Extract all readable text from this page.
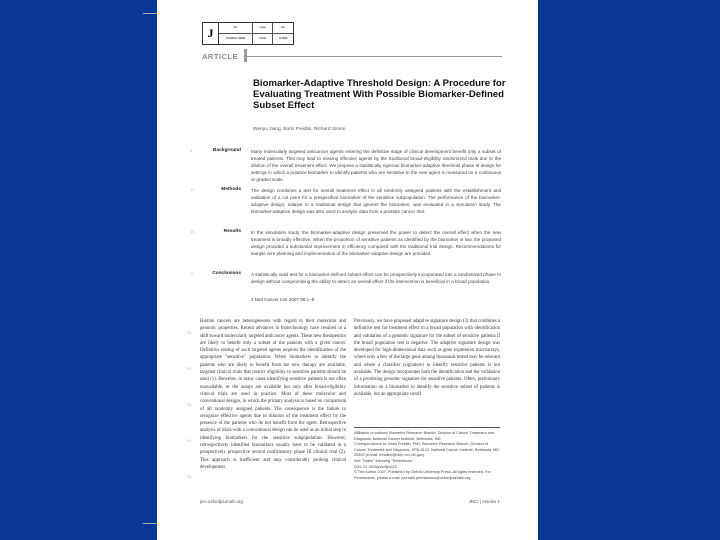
J	Vol.	Issue	No.
JOURNAL NAME	Article	CHARS
ARTICLE
Biomarker-Adaptive Threshold Design: A Procedure for Evaluating Treatment With Possible Biomarker-Defined Subset Effect
Wenyu Jiang, Boris Freidlin, Richard Simon
5	Background Many molecularly targeted anticancer agents entering the definitive stage of clinical development benefit only a subset of treated patients. This may lead to missing effective agents by the traditional broad-eligibility randomized trials due to the dilution of the overall treatment effect. We propose a statistically rigorous biomarker-adaptive threshold phase III design for settings in which a putative biomarker to identify patients who are sensitive to the new agent is measured on a continuous or graded scale.
10	Methods The design combines a test for overall treatment effect in all randomly assigned patients with the establishment and validation of a cut point for a prespecified biomarker of the sensitive subpopulation. The performance of the biomarker-adaptive design, relative to a traditional design that ignores the biomarker, was evaluated in a simulation study. The biomarker-adaptive design was also used to analyze data from a prostate cancer trial.
15	Results In the simulation study, the biomarker-adaptive design preserved the power to detect the overall effect when the new treatment is broadly effective. When the proportion of sensitive patients as identified by the biomarker is low, the proposed design provided a substantial improvement in efficiency compared with the traditional trial design. Recommendations for sample size planning and implementation of the biomarker-adaptive design are provided.
20	Conclusions A statistically valid test for a biomarker-defined subset effect can be prospectively incorporated into a randomized phase III design without compromising the ability to detect an overall effect if the intervention is beneficial in a broad population.
J Natl Cancer Inst 2007;99:1–8
25
30
35
40
45
Human cancers are heterogeneous with regard to their molecular and genomic properties. Recent advances in biotechnology have resulted in a shift toward molecularly targeted anticancer agents. These new therapeutics are likely to benefit only a subset of the patients with a given cancer. Definitive testing of such targeted agents requires the identification of the appropriate "sensitive" population. When biomarkers to identify the patients who are likely to benefit from the new therapy are available, targeted clinical trials that restrict eligibility to sensitive patients should be used (1). However, in many cases identifying sensitive patients is not often unavailable, or the assays are available but only after broad-eligibility clinical trials are used in practice. Most of these molecular and conventional designs, in which the primary analysis is based on comparison of all randomly assigned patients. The consequence is the failure to recognize effective agents due to dilution of the treatment effect by the presence of the patients who do not benefit from the agent. Retrospective analysis of trials with a conventional design can be used as an initial step in identifying biomarkers for the sensitive subpopulation. However, retrospectively identified biomarkers usually have to be validated in a prospectively prospective second confirmatory phase III clinical trial (2). This approach is inefficient and may considerably prolong clinical development.
Previously, we have proposed adaptive signature design (3) that combines a definitive test for treatment effect in a broad population with identification and validation of a genomic signature for the subset of sensitive patients if the broad population test is negative. The adaptive signature design was developed for high-dimensional data such as gene expression microarrays, where only a few of the large gene among thousands tested may be relevant and where a classifier (signature) to identify sensitive patients is not available. The design incorporates both the identification and the validation of a promising genomic signature for sensitive patients. Often, preliminary information on a biomarker to identify the sensitive subset of patients is available, but an appropriate cutoff
Affiliation of authors: Biometric Research Branch, Division of Cancer Treatment and Diagnosis, National Cancer Institute, Bethesda, MD.
Correspondence to: Boris Freidlin, PhD, Biometric Research Branch, Division of Cancer Treatment and Diagnosis, EPN-8122, National Cancer Institute, Bethesda, MD 20892 (e-mail: freidlinb@ctep.nci.nih.gov).
See "Notes" following "References."
DOI: 10.1093/jnci/djm022
© The Author 2007. Published by Oxford University Press. All rights reserved. For Permissions, please e-mail: journals.permissions@oxfordjournals.org.
jnci.oxfordjournals.org	JNCI | Articles 1
